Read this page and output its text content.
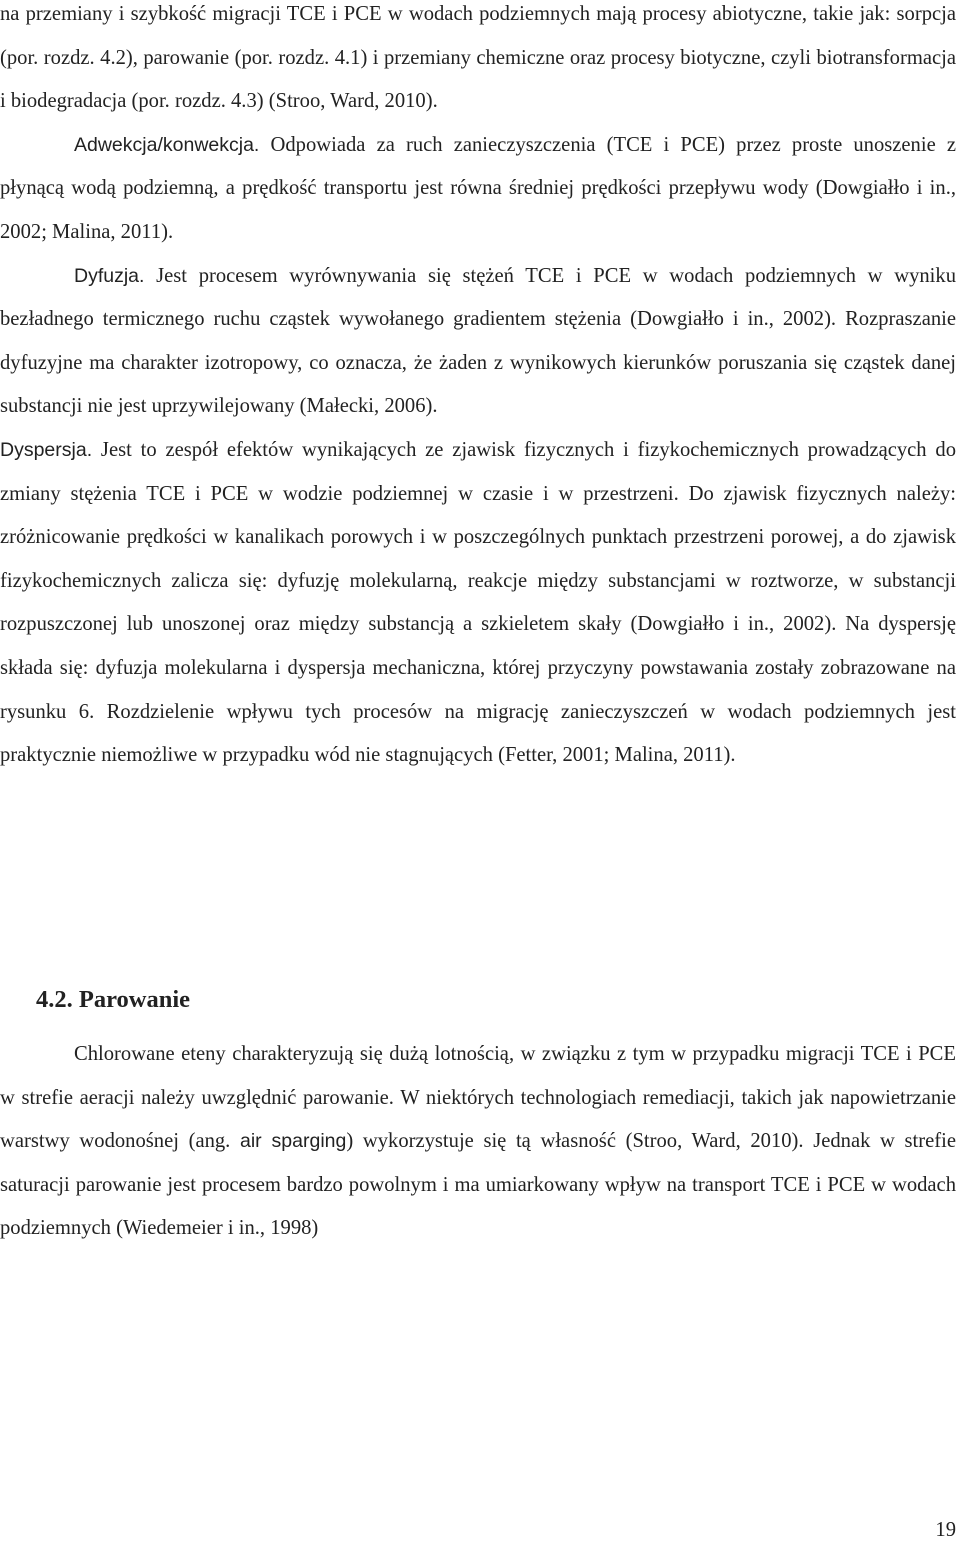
na przemiany i szybkość migracji TCE i PCE w wodach podziemnych mają procesy abiotyczne, takie jak: sorpcja (por. rozdz. 4.2), parowanie (por. rozdz. 4.1) i przemiany chemiczne oraz procesy biotyczne, czyli biotransformacja i biodegradacja (por. rozdz. 4.3) (Stroo, Ward, 2010).

Adwekcja/konwekcja. Odpowiada za ruch zanieczyszczenia (TCE i PCE) przez proste unoszenie z płynącą wodą podziemną, a prędkość transportu jest równa średniej prędkości przepływu wody (Dowgiałło i in., 2002; Malina, 2011).

Dyfuzja. Jest procesem wyrównywania się stężeń TCE i PCE w wodach podziemnych w wyniku bezładnego termicznego ruchu cząstek wywołanego gradientem stężenia (Dowgiałło i in., 2002). Rozpraszanie dyfuzyjne ma charakter izotropowy, co oznacza, że żaden z wynikowych kierunków poruszania się cząstek danej substancji nie jest uprzywilejowany (Małecki, 2006).

Dyspersja. Jest to zespół efektów wynikających ze zjawisk fizycznych i fizykochemicznych prowadzących do zmiany stężenia TCE i PCE w wodzie podziemnej w czasie i w przestrzeni. Do zjawisk fizycznych należy: zróżnicowanie prędkości w kanalikach porowych i w poszczególnych punktach przestrzeni porowej, a do zjawisk fizykochemicznych zalicza się: dyfuzję molekularną, reakcje między substancjami w roztworze, w substancji rozpuszczonej lub unoszonej oraz między substancją a szkieletem skały (Dowgiałło i in., 2002). Na dyspersję składa się: dyfuzja molekularna i dyspersja mechaniczna, której przyczyny powstawania zostały zobrazowane na rysunku 6. Rozdzielenie wpływu tych procesów na migrację zanieczyszczeń w wodach podziemnych jest praktycznie niemożliwe w przypadku wód nie stagnujących (Fetter, 2001; Malina, 2011).

4.2. Parowanie

Chlorowane eteny charakteryzują się dużą lotnością, w związku z tym w przypadku migracji TCE i PCE w strefie aeracji należy uwzględnić parowanie. W niektórych technologiach remediacji, takich jak napowietrzanie warstwy wodonośnej (ang. air sparging) wykorzystuje się tą własność (Stroo, Ward, 2010). Jednak w strefie saturacji parowanie jest procesem bardzo powolnym i ma umiarkowany wpływ na transport TCE i PCE w wodach podziemnych (Wiedemeier i in., 1998)

19
